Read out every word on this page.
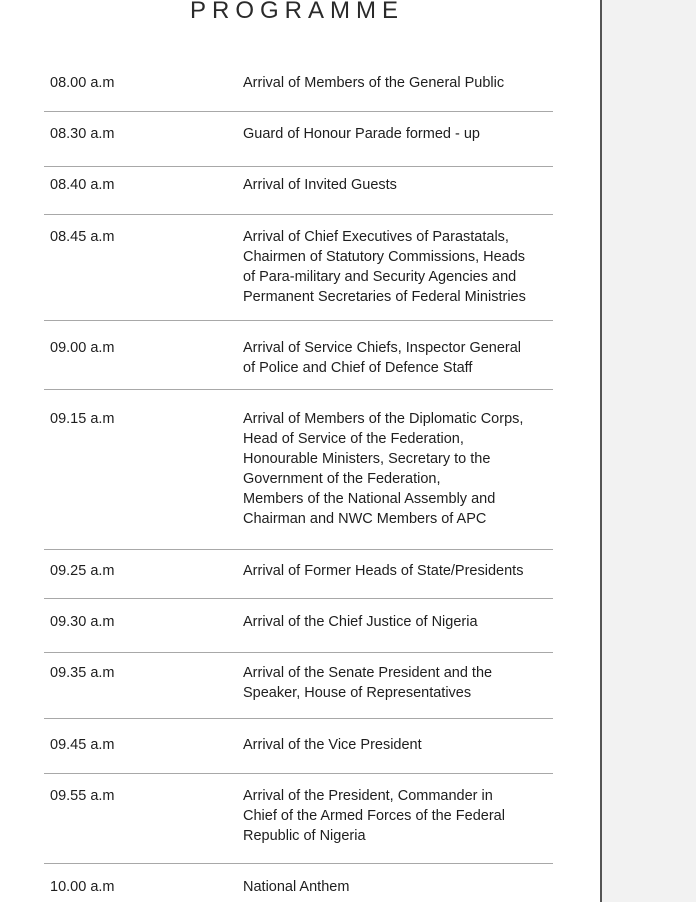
PROGRAMME
08.00 a.m	Arrival of Members of the General Public
08.30 a.m	Guard of Honour Parade formed - up
08.40 a.m	Arrival of Invited Guests
08.45 a.m	Arrival of Chief Executives of Parastatals,
Chairmen of Statutory Commissions, Heads
of Para-military and Security Agencies and
Permanent Secretaries of Federal Ministries
09.00 a.m	Arrival of Service Chiefs, Inspector General
of Police and Chief of Defence Staff
09.15 a.m	Arrival of Members of the Diplomatic Corps,
Head of Service of the Federation,
Honourable Ministers, Secretary to the
Government of the Federation,
Members of the National Assembly and
Chairman and NWC Members of APC
09.25 a.m	Arrival of Former Heads of State/Presidents
09.30 a.m	Arrival of the Chief Justice of Nigeria
09.35 a.m	Arrival of the Senate President and the
Speaker, House of Representatives
09.45 a.m	Arrival of the Vice President
09.55 a.m	Arrival of the President, Commander in
Chief of the Armed Forces of the Federal
Republic of Nigeria
10.00 a.m	National Anthem
